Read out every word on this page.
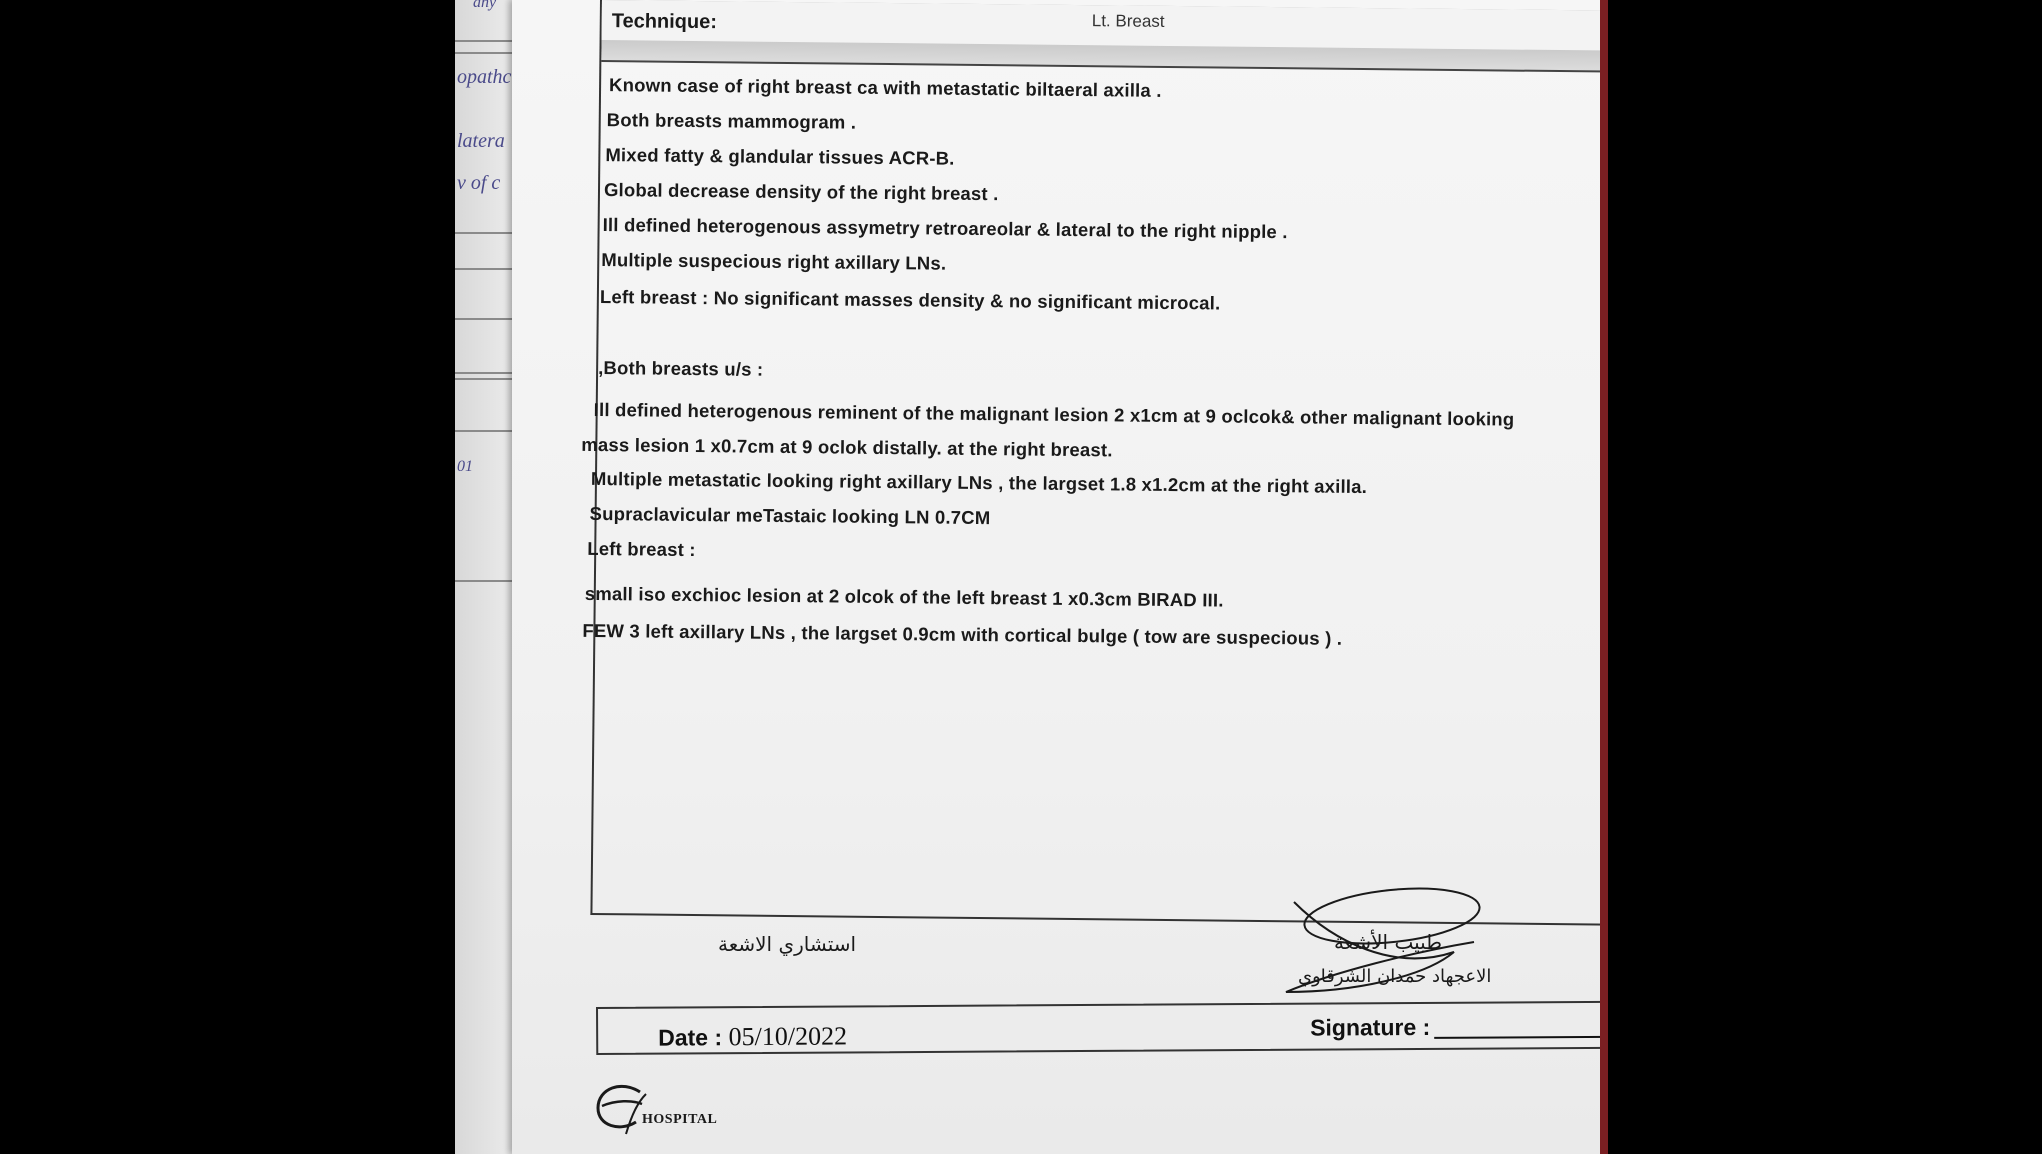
any
opathc
latera
v of c
01
Technique:	Lt. Breast
Known case of right breast ca with metastatic biltaeral axilla .
Both breasts mammogram .
Mixed fatty & glandular tissues ACR-B.
Global decrease density of the right breast .
Ill defined heterogenous assymetry retroareolar & lateral to the right nipple .
Multiple suspecious right axillary LNs.
Left breast : No significant masses density & no significant microcal.
,Both breasts u/s :
Ill defined heterogenous reminent of the malignant lesion 2 x1cm at 9 oclcok& other malignant looking
mass lesion 1 x0.7cm at 9 oclok distally. at the right breast.
Multiple metastatic looking right axillary LNs , the largset 1.8 x1.2cm at the right axilla.
Supraclavicular meTastaic looking LN 0.7CM
Left breast :
small iso exchioc lesion at 2 olcok of the left breast 1 x0.3cm BIRAD III.
FEW 3 left axillary LNs , the largset 0.9cm with cortical bulge ( tow are suspecious ) .
استشاري الاشعة	طبيب الأشعة
الاعجهاد حمدان الشرقاوي
Date : 05/10/2022	Signature :
HOSPITAL
